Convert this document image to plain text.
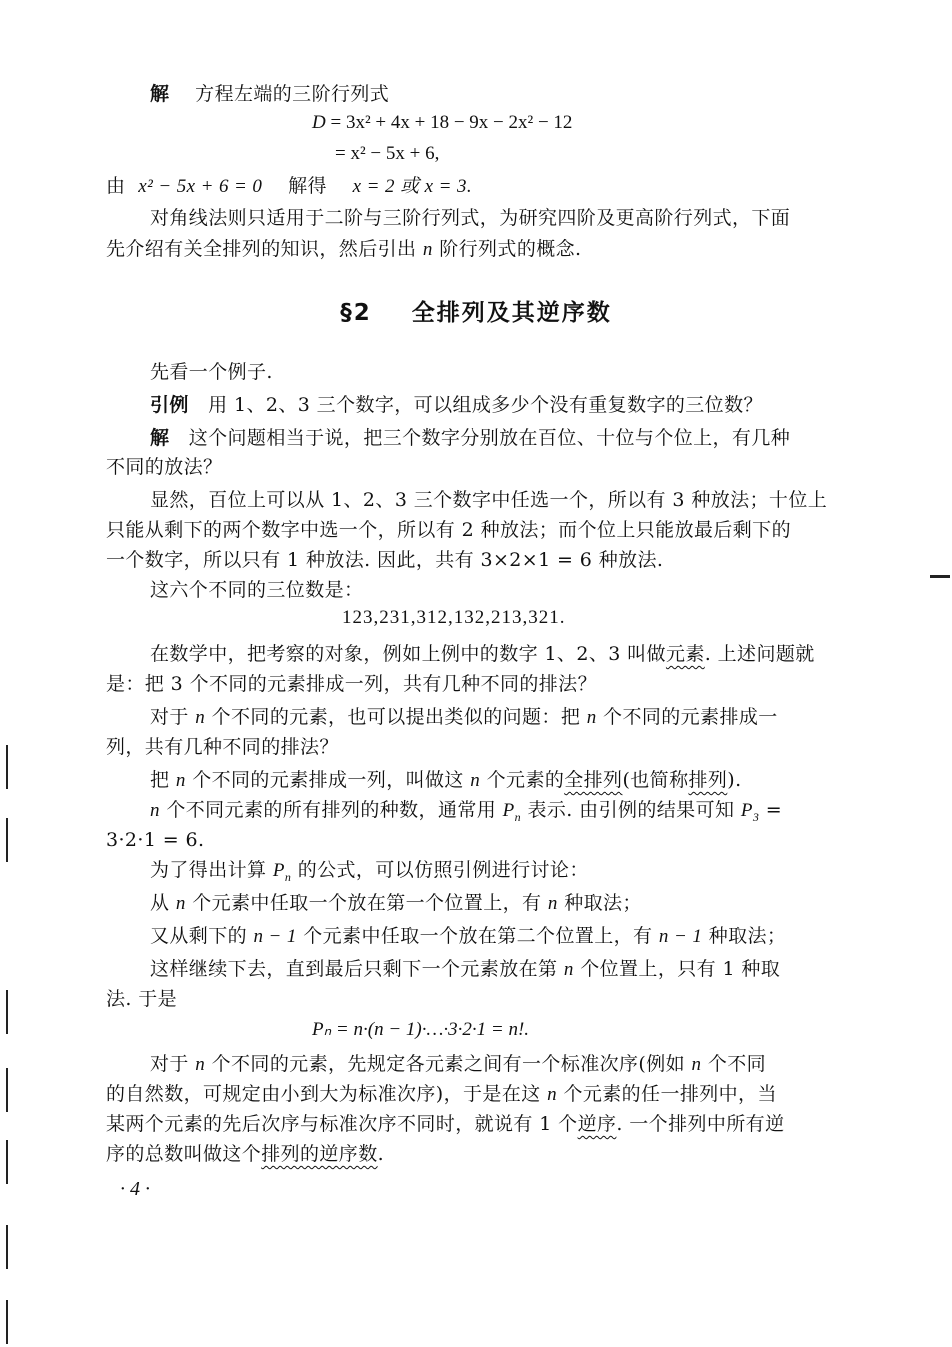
解 方程左端的三阶行列式
D = 3x² + 4x + 18 − 9x − 2x² − 12
= x² − 5x + 6,
由 x² − 5x + 6 = 0 解得 x = 2 或 x = 3.
对角线法则只适用于二阶与三阶行列式，为研究四阶及更高阶行列式，下面
先介绍有关全排列的知识，然后引出 n 阶行列式的概念.
§2 全排列及其逆序数
先看一个例子.
引例 用 1、2、3 三个数字，可以组成多少个没有重复数字的三位数？
解 这个问题相当于说，把三个数字分别放在百位、十位与个位上，有几种
不同的放法？
显然，百位上可以从 1、2、3 三个数字中任选一个，所以有 3 种放法；十位上
只能从剩下的两个数字中选一个，所以有 2 种放法；而个位上只能放最后剩下的
一个数字，所以只有 1 种放法. 因此，共有 3×2×1 = 6 种放法.
这六个不同的三位数是：
123,231,312,132,213,321.
在数学中，把考察的对象，例如上例中的数字 1、2、3 叫做元素. 上述问题就
是：把 3 个不同的元素排成一列，共有几种不同的排法？
对于 n 个不同的元素，也可以提出类似的问题：把 n 个不同的元素排成一
列，共有几种不同的排法？
把 n 个不同的元素排成一列，叫做这 n 个元素的全排列(也简称排列).
n 个不同元素的所有排列的种数，通常用 $P_n$ 表示. 由引例的结果可知 $P_3$ =
3·2·1 = 6.
为了得出计算 $P_n$ 的公式，可以仿照引例进行讨论：
从 n 个元素中任取一个放在第一个位置上，有 n 种取法；
又从剩下的 n − 1 个元素中任取一个放在第二个位置上，有 n − 1 种取法；
这样继续下去，直到最后只剩下一个元素放在第 n 个位置上，只有 1 种取
法. 于是
Pₙ = n·(n − 1)·…·3·2·1 = n!.
对于 n 个不同的元素，先规定各元素之间有一个标准次序(例如 n 个不同
的自然数，可规定由小到大为标准次序)，于是在这 n 个元素的任一排列中，当
某两个元素的先后次序与标准次序不同时，就说有 1 个逆序. 一个排列中所有逆
序的总数叫做这个排列的逆序数.
· 4 ·
